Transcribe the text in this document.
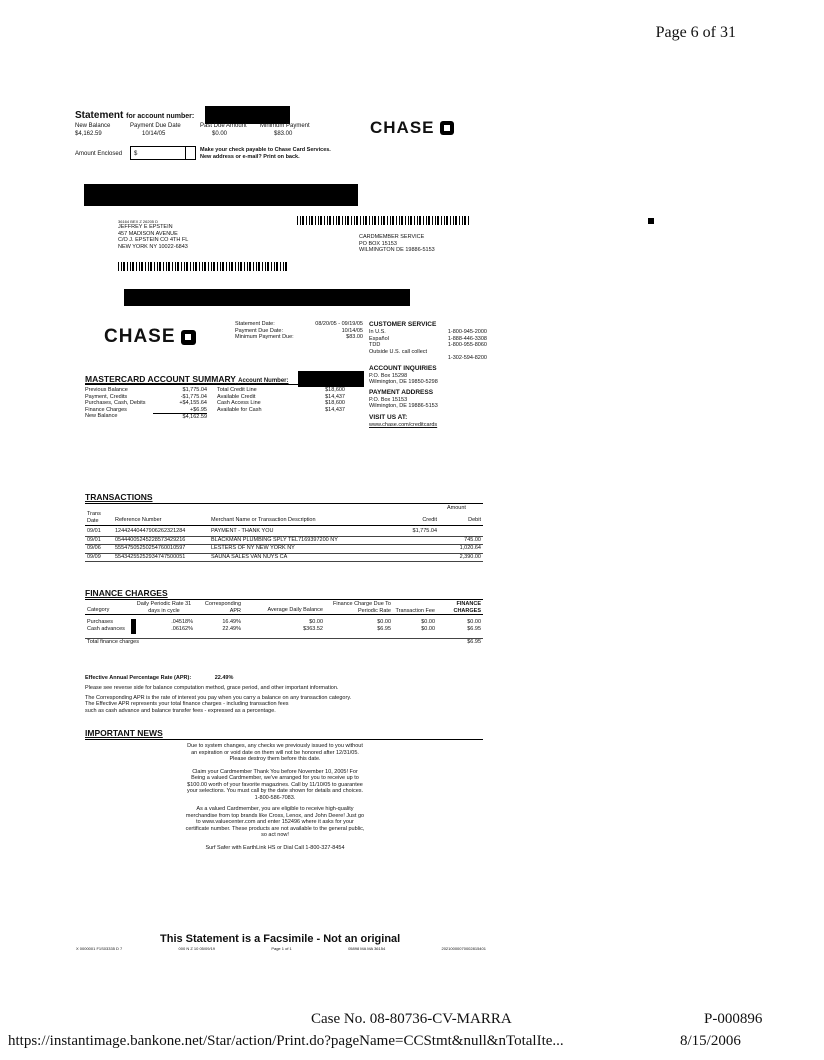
Page 6 of 31
Statement for account number:
New Balance	Payment Due Date	Past Due Amount	Minimum Payment
$4,162.59	10/14/05	$0.00	$83.00	CHASE
Amount Enclosed	$
Make your check payable to Chase Card Services.
New address or e-mail? Print on back.
36164 BEX Z 26205 D
JEFFREY E EPSTEIN
457 MADISON AVENUE
C/O J. EPSTEIN CO 4TH FL
NEW YORK NY 10022-6843
CARDMEMBER SERVICE
PO BOX 15153
WILMINGTON DE 19886-5153
CHASE
Statement Date:	08/20/05 - 09/19/05
Payment Due Date:	10/14/05
Minimum Payment Due:	$83.00
CUSTOMER SERVICE
In U.S.	1-800-945-2000
Español	1-888-446-3308
TDD	1-800-955-8060
Outside U.S. call collect
1-302-594-8200
ACCOUNT INQUIRIES
P.O. Box 15298
Wilmington, DE 19850-5298
PAYMENT ADDRESS
P.O. Box 15153
Wilmington, DE 19886-5153
VISIT US AT:
www.chase.com/creditcards
MASTERCARD ACCOUNT SUMMARY Account Number:
Previous Balance	$1,775.04 Total Credit Line	$18,600
Payment, Credits	-$1,775.04 Available Credit	$14,437
Purchases, Cash, Debits	+$4,155.64 Cash Access Line	$18,600
Finance Charges	+$6.95 Available for Cash	$14,437
New Balance	$4,162.59
TRANSACTIONS
Amount
Trans Date	Reference Number	Merchant Name or Transaction Description	Credit	Debit

09/01	12442440447906262321284	PAYMENT - THANK YOU	$1,775.04	
09/01	05444005245228573429216	BLACKMAN PLUMBING SPLY TEL7169397200 NY		745.00
09/06	55547505250254760010597	LESTERS OF NY NEW YORK NY		1,020.64
09/09	55434255252934747500051	SAUNA SALES VAN NUYS CA		2,390.00
FINANCE CHARGES
Category	Daily Periodic Rate 31 days in cycle	Corresponding APR	Average Daily Balance	Finance Charge Due To Periodic Rate	Transaction Fee	FINANCE CHARGES

Purchases	.04518%	16.49%	$0.00	$0.00	$0.00	$0.00
Cash advances	.06162%	22.49%	$363.52	$6.95	$0.00	$6.95

Total finance charges						$6.95
Effective Annual Percentage Rate (APR):	22.49%
Please see reverse side for balance computation method, grace period, and other important information.
The Corresponding APR is the rate of interest you pay when you carry a balance on any transaction category.
The Effective APR represents your total finance charges - including transaction fees
such as cash advance and balance transfer fees - expressed as a percentage.
IMPORTANT NEWS
Due to system changes, any checks we previously issued to you without an expiration or void date on them will not be honored after 12/31/05. Please destroy them before this date.
Claim your Cardmember Thank You before November 10, 2005! For Being a valued Cardmember, we've arranged for you to receive up to $100.00 worth of your favorite magazines. Call by 11/10/05 to guarantee your selections. You must call by the date shown for details and choices. 1-800-586-7083.
As a valued Cardmember, you are eligible to receive high-quality merchandise from top brands like Cross, Lenox, and John Deere! Just go to www.valuecenter.com and enter 152496 where it asks for your certificate number. These products are not available to the general public, so act now!
Surf Safer with EarthLink HS or Dial Call 1-800-327-8454
This Statement is a Facsimile - Not an original
X 0000001 F1S03335 D 7	000 N Z 10 05/09/19	Page 1 of 1	05898 MA MA 36154	20210000070002815401
Case No. 08-80736-CV-MARRA	P-000896
https://instantimage.bankone.net/Star/action/Print.do?pageName=CCStmt&null&nTotalIte...	8/15/2006
